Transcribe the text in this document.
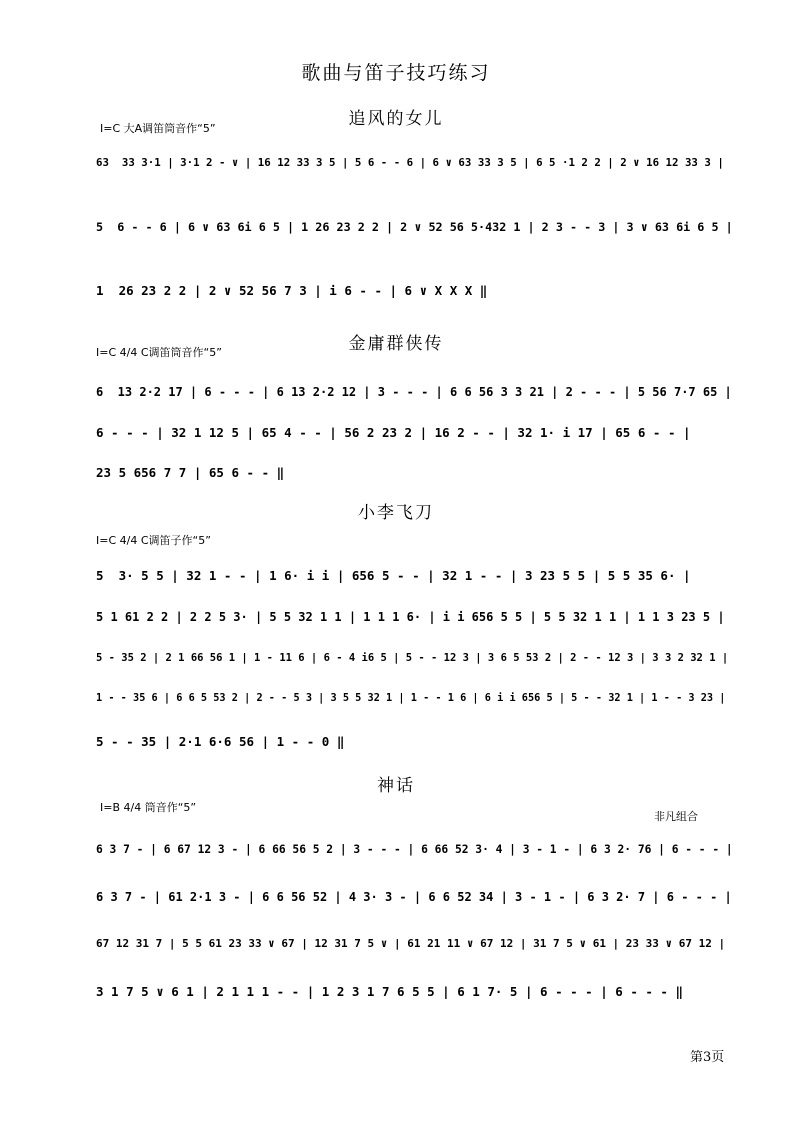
歌曲与笛子技巧练习
追风的女儿
I=C 大A调笛筒音作“5”
63  33 3·1 | 3·1 2 - ∨ | 16 12 33 3 5 | 5 6 - - 6 | 6 ∨ 63 33 3 5 | 6 5 ·1 2 2 | 2 ∨ 16 12 33 3 |
5  6 - - 6 | 6 ∨ 63 6i 6 5 | 1 26 23 2 2 | 2 ∨ 52 56 5·432 1 | 2 3 - - 3 | 3 ∨ 63 6i 6 5 |
1  26 23 2 2 | 2 ∨ 52 56 7 3 | i 6 - - | 6 ∨ X X X ‖
金庸群侠传
I=C 4/4 C调笛筒音作“5”
6  13 2·2 17 | 6 - - - | 6 13 2·2 12 | 3 - - - | 6 6 56 3 3 21 | 2 - - - | 5 56 7·7 65 |
6 - - - | 32 1 12 5 | 65 4 - - | 56 2 23 2 | 16 2 - - | 32 1· i 17 | 65 6 - - |
23 5 656 7 7 | 65 6 - - ‖
小李飞刀
I=C 4/4 C调笛子作“5”
5  3· 5 5 | 32 1 - - | 1 6· i i | 656 5 - - | 32 1 - - | 3 23 5 5 | 5 5 35 6· |
5 1 61 2 2 | 2 2 5 3· | 5 5 32 1 1 | 1 1 1 6· | i i 656 5 5 | 5 5 32 1 1 | 1 1 3 23 5 |
5 - 35 2 | 2 1 66 56 1 | 1 - 11 6 | 6 - 4 i6 5 | 5 - - 12 3 | 3 6 5 53 2 | 2 - - 12 3 | 3 3 2 32 1 |
1 - - 35 6 | 6 6 5 53 2 | 2 - - 5 3 | 3 5 5 32 1 | 1 - - 1 6 | 6 i i 656 5 | 5 - - 32 1 | 1 - - 3 23 |
5 - - 35 | 2·1 6·6 56 | 1 - - 0 ‖
神话
I=B 4/4 筒音作“5”
非凡组合
6 3 7 - | 6 67 12 3 - | 6 66 56 5 2 | 3 - - - | 6 66 52 3· 4 | 3 - 1 - | 6 3 2· 76 | 6 - - - |
6 3 7 - | 61 2·1 3 - | 6 6 56 52 | 4 3· 3 - | 6 6 52 34 | 3 - 1 - | 6 3 2· 7 | 6 - - - |
67 12 31 7 | 5 5 61 23 33 ∨ 67 | 12 31 7 5 ∨ | 61 21 11 ∨ 67 12 | 31 7 5 ∨ 61 | 23 33 ∨ 67 12 |
3 1 7 5 ∨ 6 1 | 2 1 1 1 - - | 1 2 3 1 7 6 5 5 | 6 1 7· 5 | 6 - - - | 6 - - - ‖
第3页
